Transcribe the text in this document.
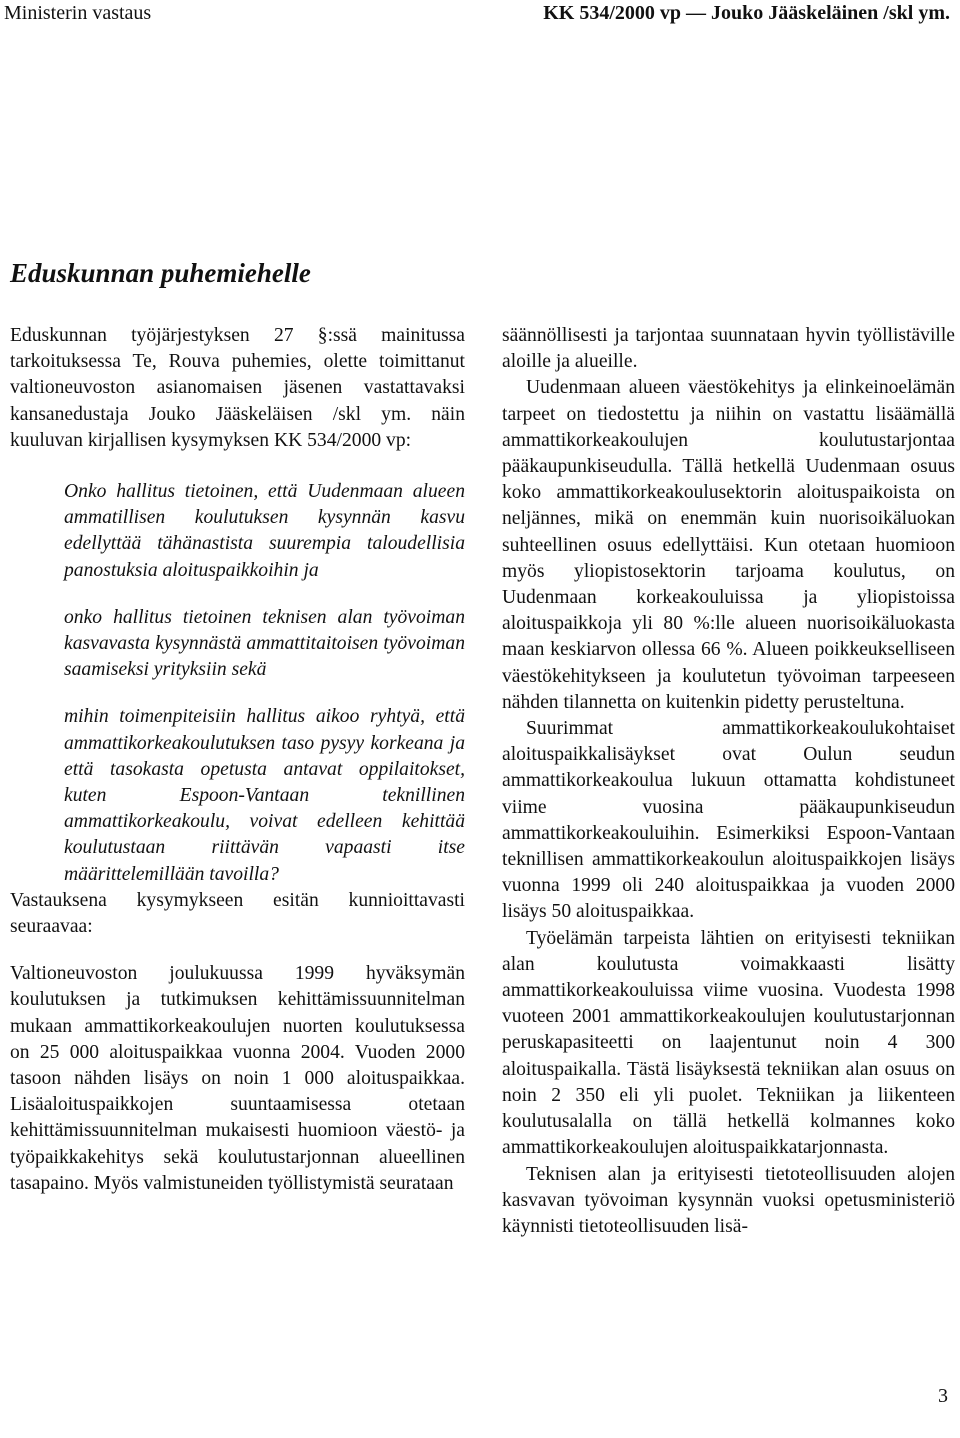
Ministerin vastaus	KK 534/2000 vp — Jouko Jääskeläinen /skl ym.
Eduskunnan puhemiehelle

Eduskunnan työjärjestyksen 27 §:ssä mainitussa tarkoituksessa Te, Rouva puhemies, olette toimittanut valtioneuvoston asianomaisen jäsenen vastattavaksi kansanedustaja Jouko Jääskeläisen /skl ym. näin kuuluvan kirjallisen kysymyksen KK 534/2000 vp:

Onko hallitus tietoinen, että Uudenmaan alueen ammatillisen koulutuksen kysynnän kasvu edellyttää tähänastista suurempia taloudellisia panostuksia aloituspaikkoihin ja

onko hallitus tietoinen teknisen alan työvoiman kasvavasta kysynnästä ammattitaitoisen työvoiman saamiseksi yrityksiin sekä

mihin toimenpiteisiin hallitus aikoo ryhtyä, että ammattikorkeakoulutuksen taso pysyy korkeana ja että tasokasta opetusta antavat oppilaitokset, kuten Espoon-Vantaan teknillinen ammattikorkeakoulu, voivat edelleen kehittää koulutustaan riittävän vapaasti itse määrittelemillään tavoilla?

Vastauksena kysymykseen esitän kunnioittavasti seuraavaa:

Valtioneuvoston joulukuussa 1999 hyväksymän koulutuksen ja tutkimuksen kehittämissuunnitelman mukaan ammattikorkeakoulujen nuorten koulutuksessa on 25 000 aloituspaikkaa vuonna 2004. Vuoden 2000 tasoon nähden lisäys on noin 1 000 aloituspaikkaa. Lisäaloituspaikkojen suuntaamisessa otetaan kehittämissuunnitelman mukaisesti huomioon väestö- ja työpaikkakehitys sekä koulutustarjonnan alueellinen tasapaino. Myös valmistuneiden työllistymistä seurataan

säännöllisesti ja tarjontaa suunnataan hyvin työllistäville aloille ja alueille.

Uudenmaan alueen väestökehitys ja elinkeinoelämän tarpeet on tiedostettu ja niihin on vastattu lisäämällä ammattikorkeakoulujen koulutustarjontaa pääkaupunkiseudulla. Tällä hetkellä Uudenmaan osuus koko ammattikorkeakoulusektorin aloituspaikoista on neljännes, mikä on enemmän kuin nuorisoikäluokan suhteellinen osuus edellyttäisi. Kun otetaan huomioon myös yliopistosektorin tarjoama koulutus, on Uudenmaan korkeakouluissa ja yliopistoissa aloituspaikkoja yli 80 %:lle alueen nuorisoikäluokasta maan keskiarvon ollessa 66 %. Alueen poikkeukselliseen väestökehitykseen ja koulutetun työvoiman tarpeeseen nähden tilannetta on kuitenkin pidetty perusteltuna.

Suurimmat ammattikorkeakoulukohtaiset aloituspaikkalisäykset ovat Oulun seudun ammattikorkeakoulua lukuun ottamatta kohdistuneet viime vuosina pääkaupunkiseudun ammattikorkeakouluihin. Esimerkiksi Espoon-Vantaan teknillisen ammattikorkeakoulun aloituspaikkojen lisäys vuonna 1999 oli 240 aloituspaikkaa ja vuoden 2000 lisäys 50 aloituspaikkaa.

Työelämän tarpeista lähtien on erityisesti tekniikan alan koulutusta voimakkaasti lisätty ammattikorkeakouluissa viime vuosina. Vuodesta 1998 vuoteen 2001 ammattikorkeakoulujen koulutustarjonnan peruskapasiteetti on laajentunut noin 4 300 aloituspaikalla. Tästä lisäyksestä tekniikan alan osuus on noin 2 350 eli yli puolet. Tekniikan ja liikenteen koulutusalalla on tällä hetkellä kolmannes koko ammattikorkeakoulujen aloituspaikkatarjonnasta.

Teknisen alan ja erityisesti tietoteollisuuden alojen kasvavan työvoiman kysynnän vuoksi opetusministeriö käynnisti tietoteollisuuden lisä-

3
